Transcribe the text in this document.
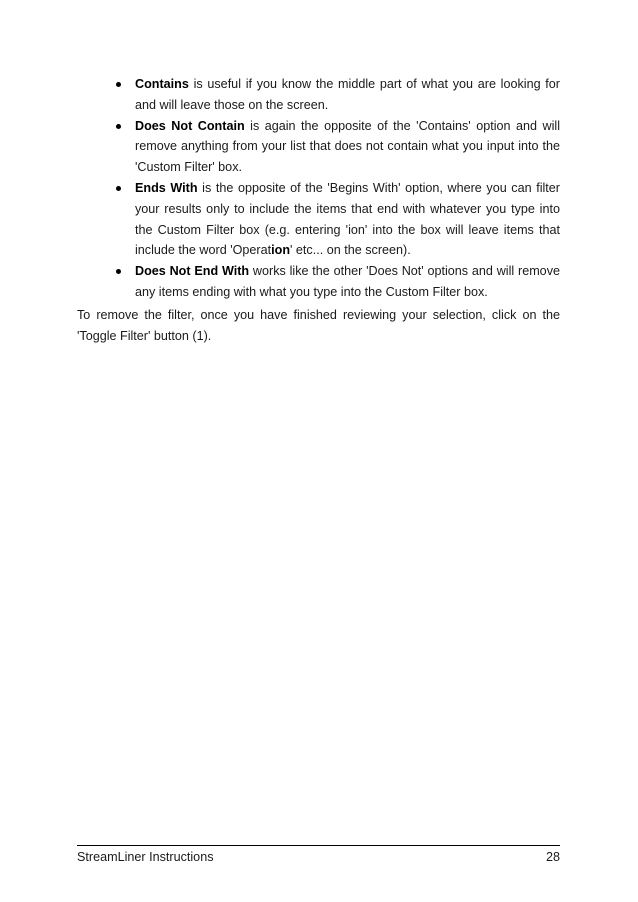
Contains is useful if you know the middle part of what you are looking for and will leave those on the screen.
Does Not Contain is again the opposite of the 'Contains' option and will remove anything from your list that does not contain what you input into the 'Custom Filter' box.
Ends With is the opposite of the 'Begins With' option, where you can filter your results only to include the items that end with whatever you type into the Custom Filter box (e.g. entering 'ion' into the box will leave items that include the word 'Operation' etc... on the screen).
Does Not End With works like the other 'Does Not' options and will remove any items ending with what you type into the Custom Filter box.

To remove the filter, once you have finished reviewing your selection, click on the 'Toggle Filter' button (1).

StreamLiner Instructions	28
